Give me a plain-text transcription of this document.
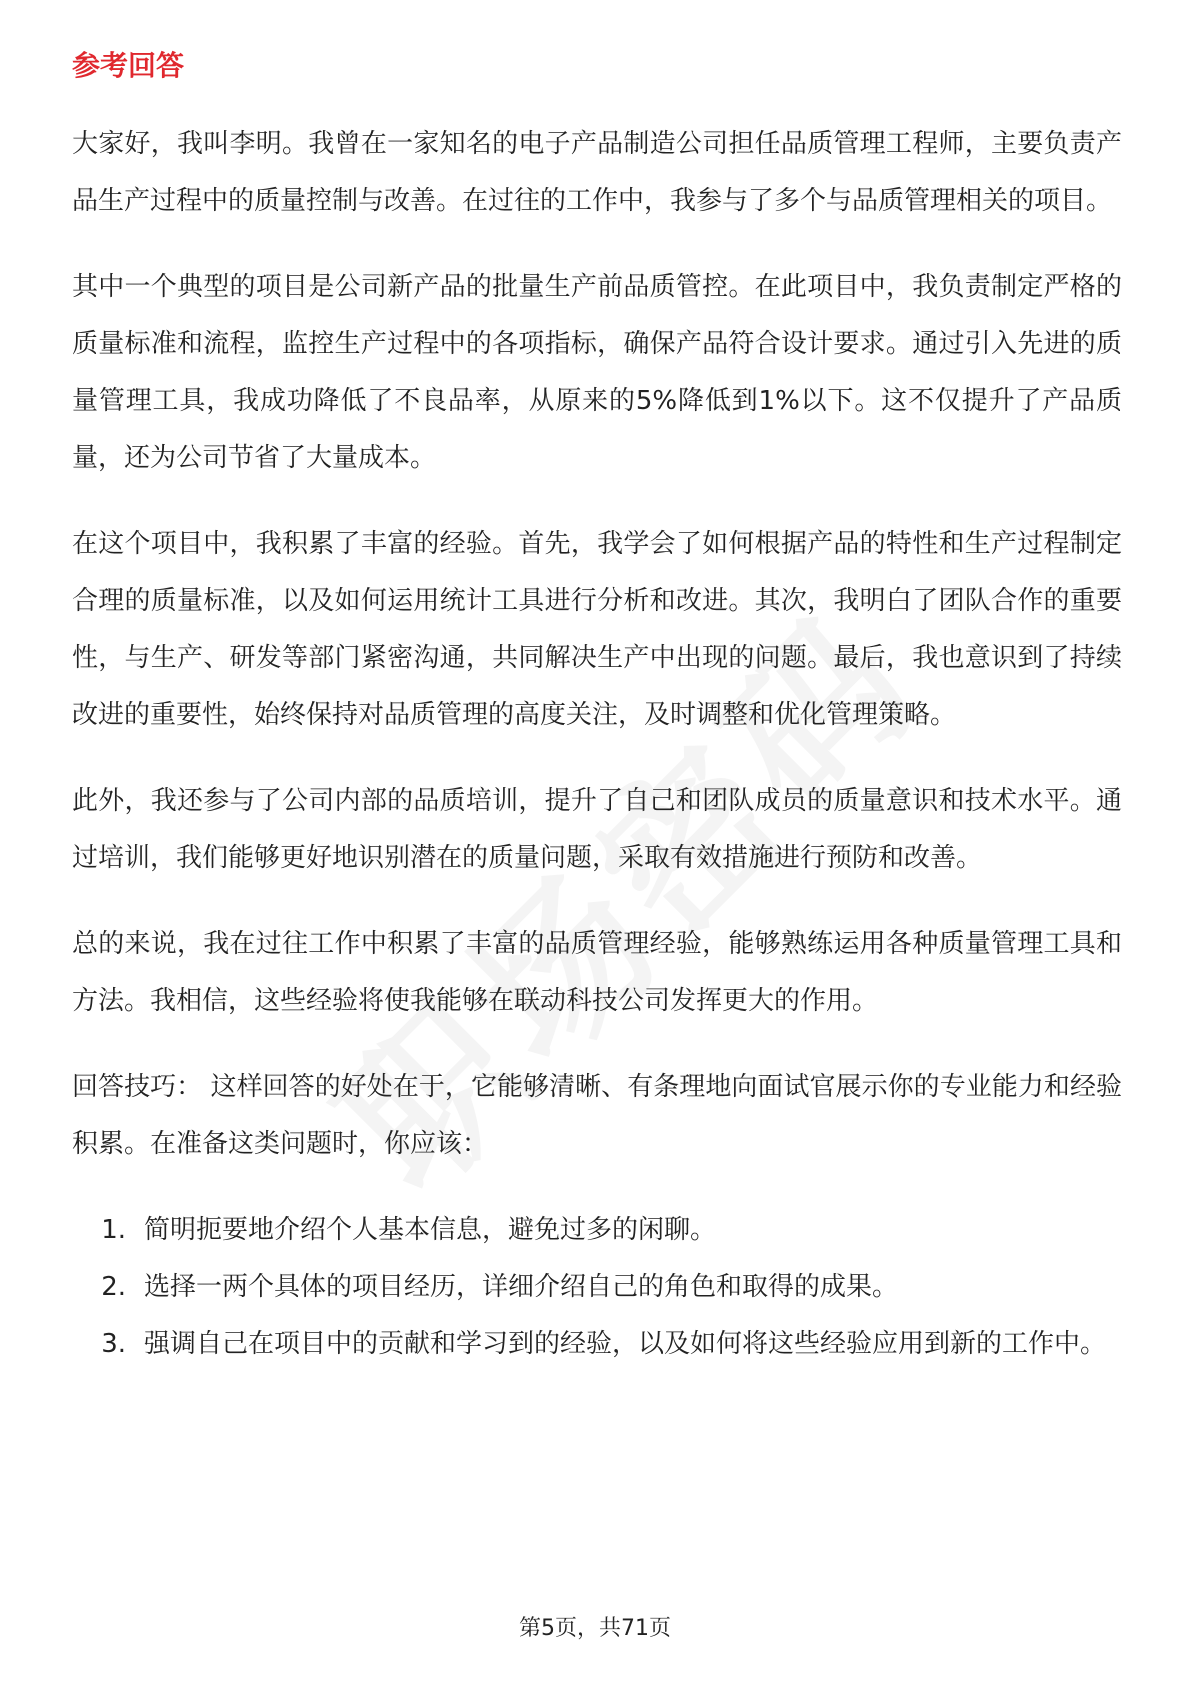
参考回答

大家好，我叫李明。我曾在一家知名的电子产品制造公司担任品质管理工程师，主要负责产品生产过程中的质量控制与改善。在过往的工作中，我参与了多个与品质管理相关的项目。

其中一个典型的项目是公司新产品的批量生产前品质管控。在此项目中，我负责制定严格的质量标准和流程，监控生产过程中的各项指标，确保产品符合设计要求。通过引入先进的质量管理工具，我成功降低了不良品率，从原来的5%降低到1%以下。这不仅提升了产品质量，还为公司节省了大量成本。

在这个项目中，我积累了丰富的经验。首先，我学会了如何根据产品的特性和生产过程制定合理的质量标准，以及如何运用统计工具进行分析和改进。其次，我明白了团队合作的重要性，与生产、研发等部门紧密沟通，共同解决生产中出现的问题。最后，我也意识到了持续改进的重要性，始终保持对品质管理的高度关注，及时调整和优化管理策略。

此外，我还参与了公司内部的品质培训，提升了自己和团队成员的质量意识和技术水平。通过培训，我们能够更好地识别潜在的质量问题，采取有效措施进行预防和改善。

总的来说，我在过往工作中积累了丰富的品质管理经验，能够熟练运用各种质量管理工具和方法。我相信，这些经验将使我能够在联动科技公司发挥更大的作用。

回答技巧： 这样回答的好处在于，它能够清晰、有条理地向面试官展示你的专业能力和经验积累。在准备这类问题时，你应该：

1. 简明扼要地介绍个人基本信息，避免过多的闲聊。
2. 选择一两个具体的项目经历，详细介绍自己的角色和取得的成果。
3. 强调自己在项目中的贡献和学习到的经验，以及如何将这些经验应用到新的工作中。
第5页，共71页
